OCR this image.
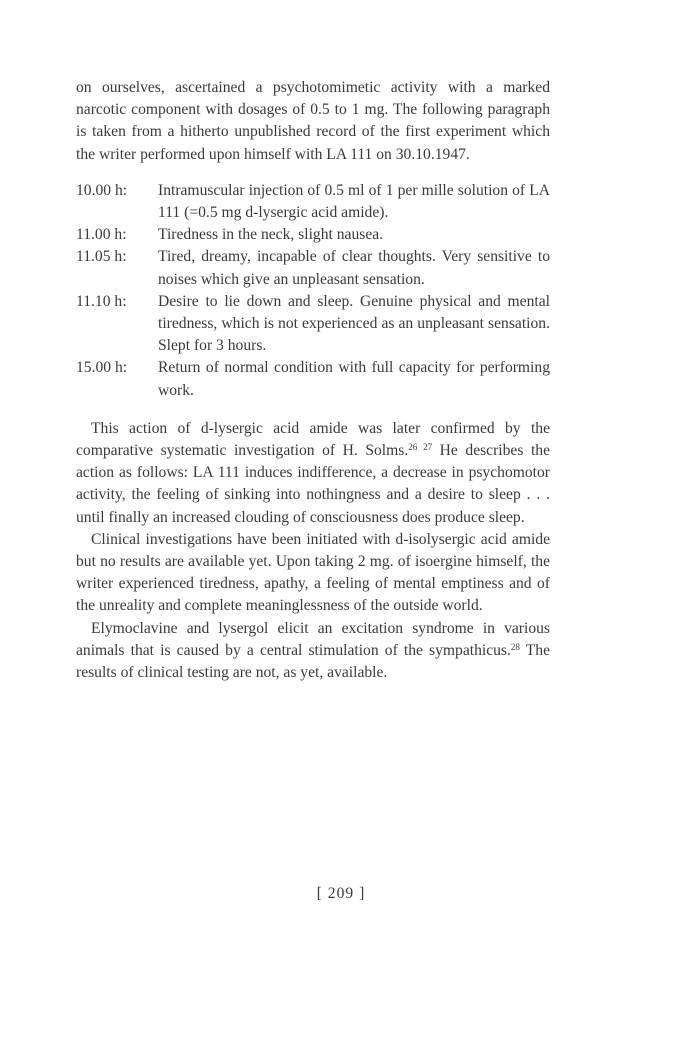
on ourselves, ascertained a psychotomimetic activity with a marked narcotic component with dosages of 0.5 to 1 mg. The following paragraph is taken from a hitherto unpublished record of the first experiment which the writer performed upon himself with LA 111 on 30.10.1947.

10.00 h:	Intramuscular injection of 0.5 ml of 1 per mille solution of LA 111 (=0.5 mg d-lysergic acid amide).
11.00 h:	Tiredness in the neck, slight nausea.
11.05 h:	Tired, dreamy, incapable of clear thoughts. Very sensitive to noises which give an unpleasant sensation.
11.10 h:	Desire to lie down and sleep. Genuine physical and mental tiredness, which is not experienced as an unpleasant sensation. Slept for 3 hours.
15.00 h:	Return of normal condition with full capacity for performing work.

This action of d-lysergic acid amide was later confirmed by the comparative systematic investigation of H. Solms.$^{26 27}$ He describes the action as follows: LA 111 induces indifference, a decrease in psychomotor activity, the feeling of sinking into nothingness and a desire to sleep . . . until finally an increased clouding of consciousness does produce sleep.

Clinical investigations have been initiated with d-isolysergic acid amide but no results are available yet. Upon taking 2 mg. of isoergine himself, the writer experienced tiredness, apathy, a feeling of mental emptiness and of the unreality and complete meaninglessness of the outside world.

Elymoclavine and lysergol elicit an excitation syndrome in various animals that is caused by a central stimulation of the sympathicus.$^{28}$ The results of clinical testing are not, as yet, available.

[ 209 ]
